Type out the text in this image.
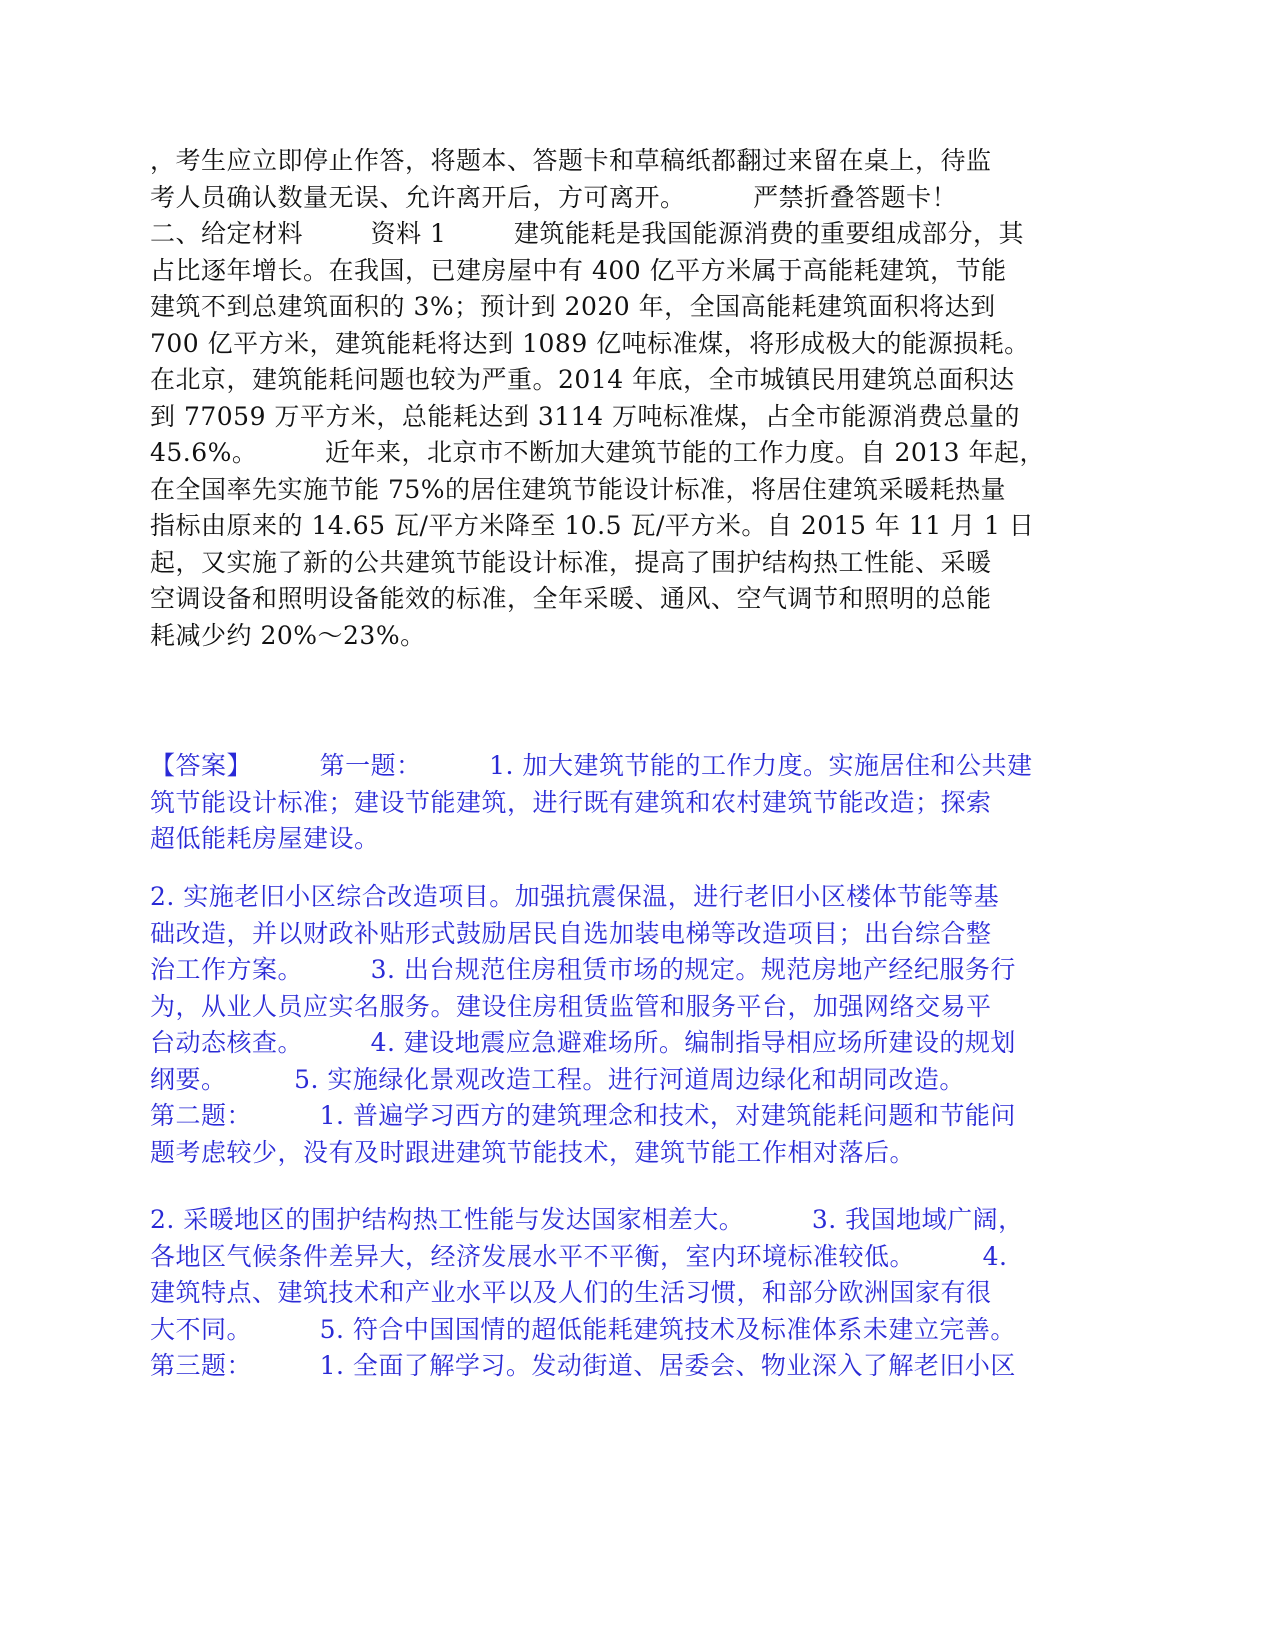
，考生应立即停止作答，将题本、答题卡和草稿纸都翻过来留在桌上，待监
考人员确认数量无误、允许离开后，方可离开。        严禁折叠答题卡！
二、给定材料        资料 1        建筑能耗是我国能源消费的重要组成部分，其
占比逐年增长。在我国，已建房屋中有 400 亿平方米属于高能耗建筑，节能
建筑不到总建筑面积的 3%；预计到 2020 年，全国高能耗建筑面积将达到
700 亿平方米，建筑能耗将达到 1089 亿吨标准煤，将形成极大的能源损耗。
在北京，建筑能耗问题也较为严重。2014 年底，全市城镇民用建筑总面积达
到 77059 万平方米，总能耗达到 3114 万吨标准煤，占全市能源消费总量的
45.6%。        近年来，北京市不断加大建筑节能的工作力度。自 2013 年起，
在全国率先实施节能 75%的居住建筑节能设计标准，将居住建筑采暖耗热量
指标由原来的 14.65 瓦/平方米降至 10.5 瓦/平方米。自 2015 年 11 月 1 日
起，又实施了新的公共建筑节能设计标准，提高了围护结构热工性能、采暖
空调设备和照明设备能效的标准，全年采暖、通风、空气调节和照明的总能
耗减少约 20%～23%。
【答案】        第一题：        1. 加大建筑节能的工作力度。实施居住和公共建
筑节能设计标准；建设节能建筑，进行既有建筑和农村建筑节能改造；探索
超低能耗房屋建设。
2. 实施老旧小区综合改造项目。加强抗震保温，进行老旧小区楼体节能等基
础改造，并以财政补贴形式鼓励居民自选加装电梯等改造项目；出台综合整
治工作方案。        3. 出台规范住房租赁市场的规定。规范房地产经纪服务行
为，从业人员应实名服务。建设住房租赁监管和服务平台，加强网络交易平
台动态核查。        4. 建设地震应急避难场所。编制指导相应场所建设的规划
纲要。        5. 实施绿化景观改造工程。进行河道周边绿化和胡同改造。
第二题：        1. 普遍学习西方的建筑理念和技术，对建筑能耗问题和节能问
题考虑较少，没有及时跟进建筑节能技术，建筑节能工作相对落后。
2. 采暖地区的围护结构热工性能与发达国家相差大。        3. 我国地域广阔，
各地区气候条件差异大，经济发展水平不平衡，室内环境标准较低。        4.
建筑特点、建筑技术和产业水平以及人们的生活习惯，和部分欧洲国家有很
大不同。        5. 符合中国国情的超低能耗建筑技术及标准体系未建立完善。
第三题：        1. 全面了解学习。发动街道、居委会、物业深入了解老旧小区
